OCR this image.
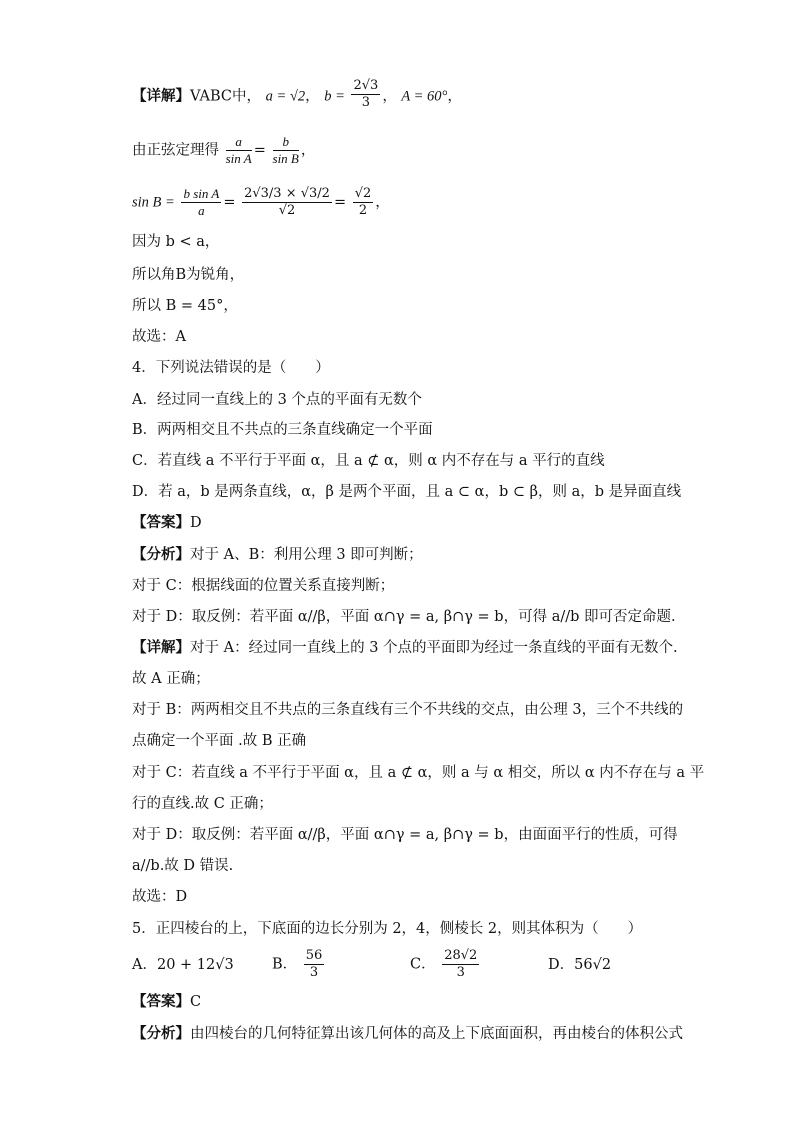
【详解】VABC中， a = √2， $b = \frac{2√3}{3}$ ， A = 60°，
由正弦定理得 $\frac{a}{\text{sin A}} = \frac{b}{\text{sin B}}$ ，
$\sin B = \frac{\text{b sin A}}{a} = \frac{2√3/3 \times √3/2}{√2} = \frac{√2}{2}$ ，
因为 b < a，
所以角B为锐角，
所以 B = 45°，
故选：A
4．下列说法错误的是（　　）
A．经过同一直线上的 3 个点的平面有无数个
B．两两相交且不共点的三条直线确定一个平面
C．若直线 a 不平行于平面 α，且 a ⊄ α，则 α 内不存在与 a 平行的直线
D．若 a，b 是两条直线，α，β 是两个平面，且 a ⊂ α，b ⊂ β，则 a，b 是异面直线
【答案】D
【分析】对于 A、B：利用公理 3 即可判断；
对于 C：根据线面的位置关系直接判断；
对于 D：取反例：若平面 α//β，平面 α∩γ = a, β∩γ = b，可得 a//b 即可否定命题.
【详解】对于 A：经过同一直线上的 3 个点的平面即为经过一条直线的平面有无数个.
故 A 正确；
对于 B：两两相交且不共点的三条直线有三个不共线的交点，由公理 3，三个不共线的
点确定一个平面 .故 B 正确
对于 C：若直线 a 不平行于平面 α，且 a ⊄ α，则 a 与 α 相交，所以 α 内不存在与 a 平
行的直线.故 C 正确；
对于 D：取反例：若平面 α//β，平面 α∩γ = a, β∩γ = b，由面面平行的性质，可得
a//b.故 D 错误.
故选：D
5．正四棱台的上，下底面的边长分别为 2，4，侧棱长 2，则其体积为（　　）
A．20 + 12√3	B． $\frac{56}{3}$	C． $\frac{28√2}{3}$	D．56√2
【答案】C
【分析】由四棱台的几何特征算出该几何体的高及上下底面面积，再由棱台的体积公式
